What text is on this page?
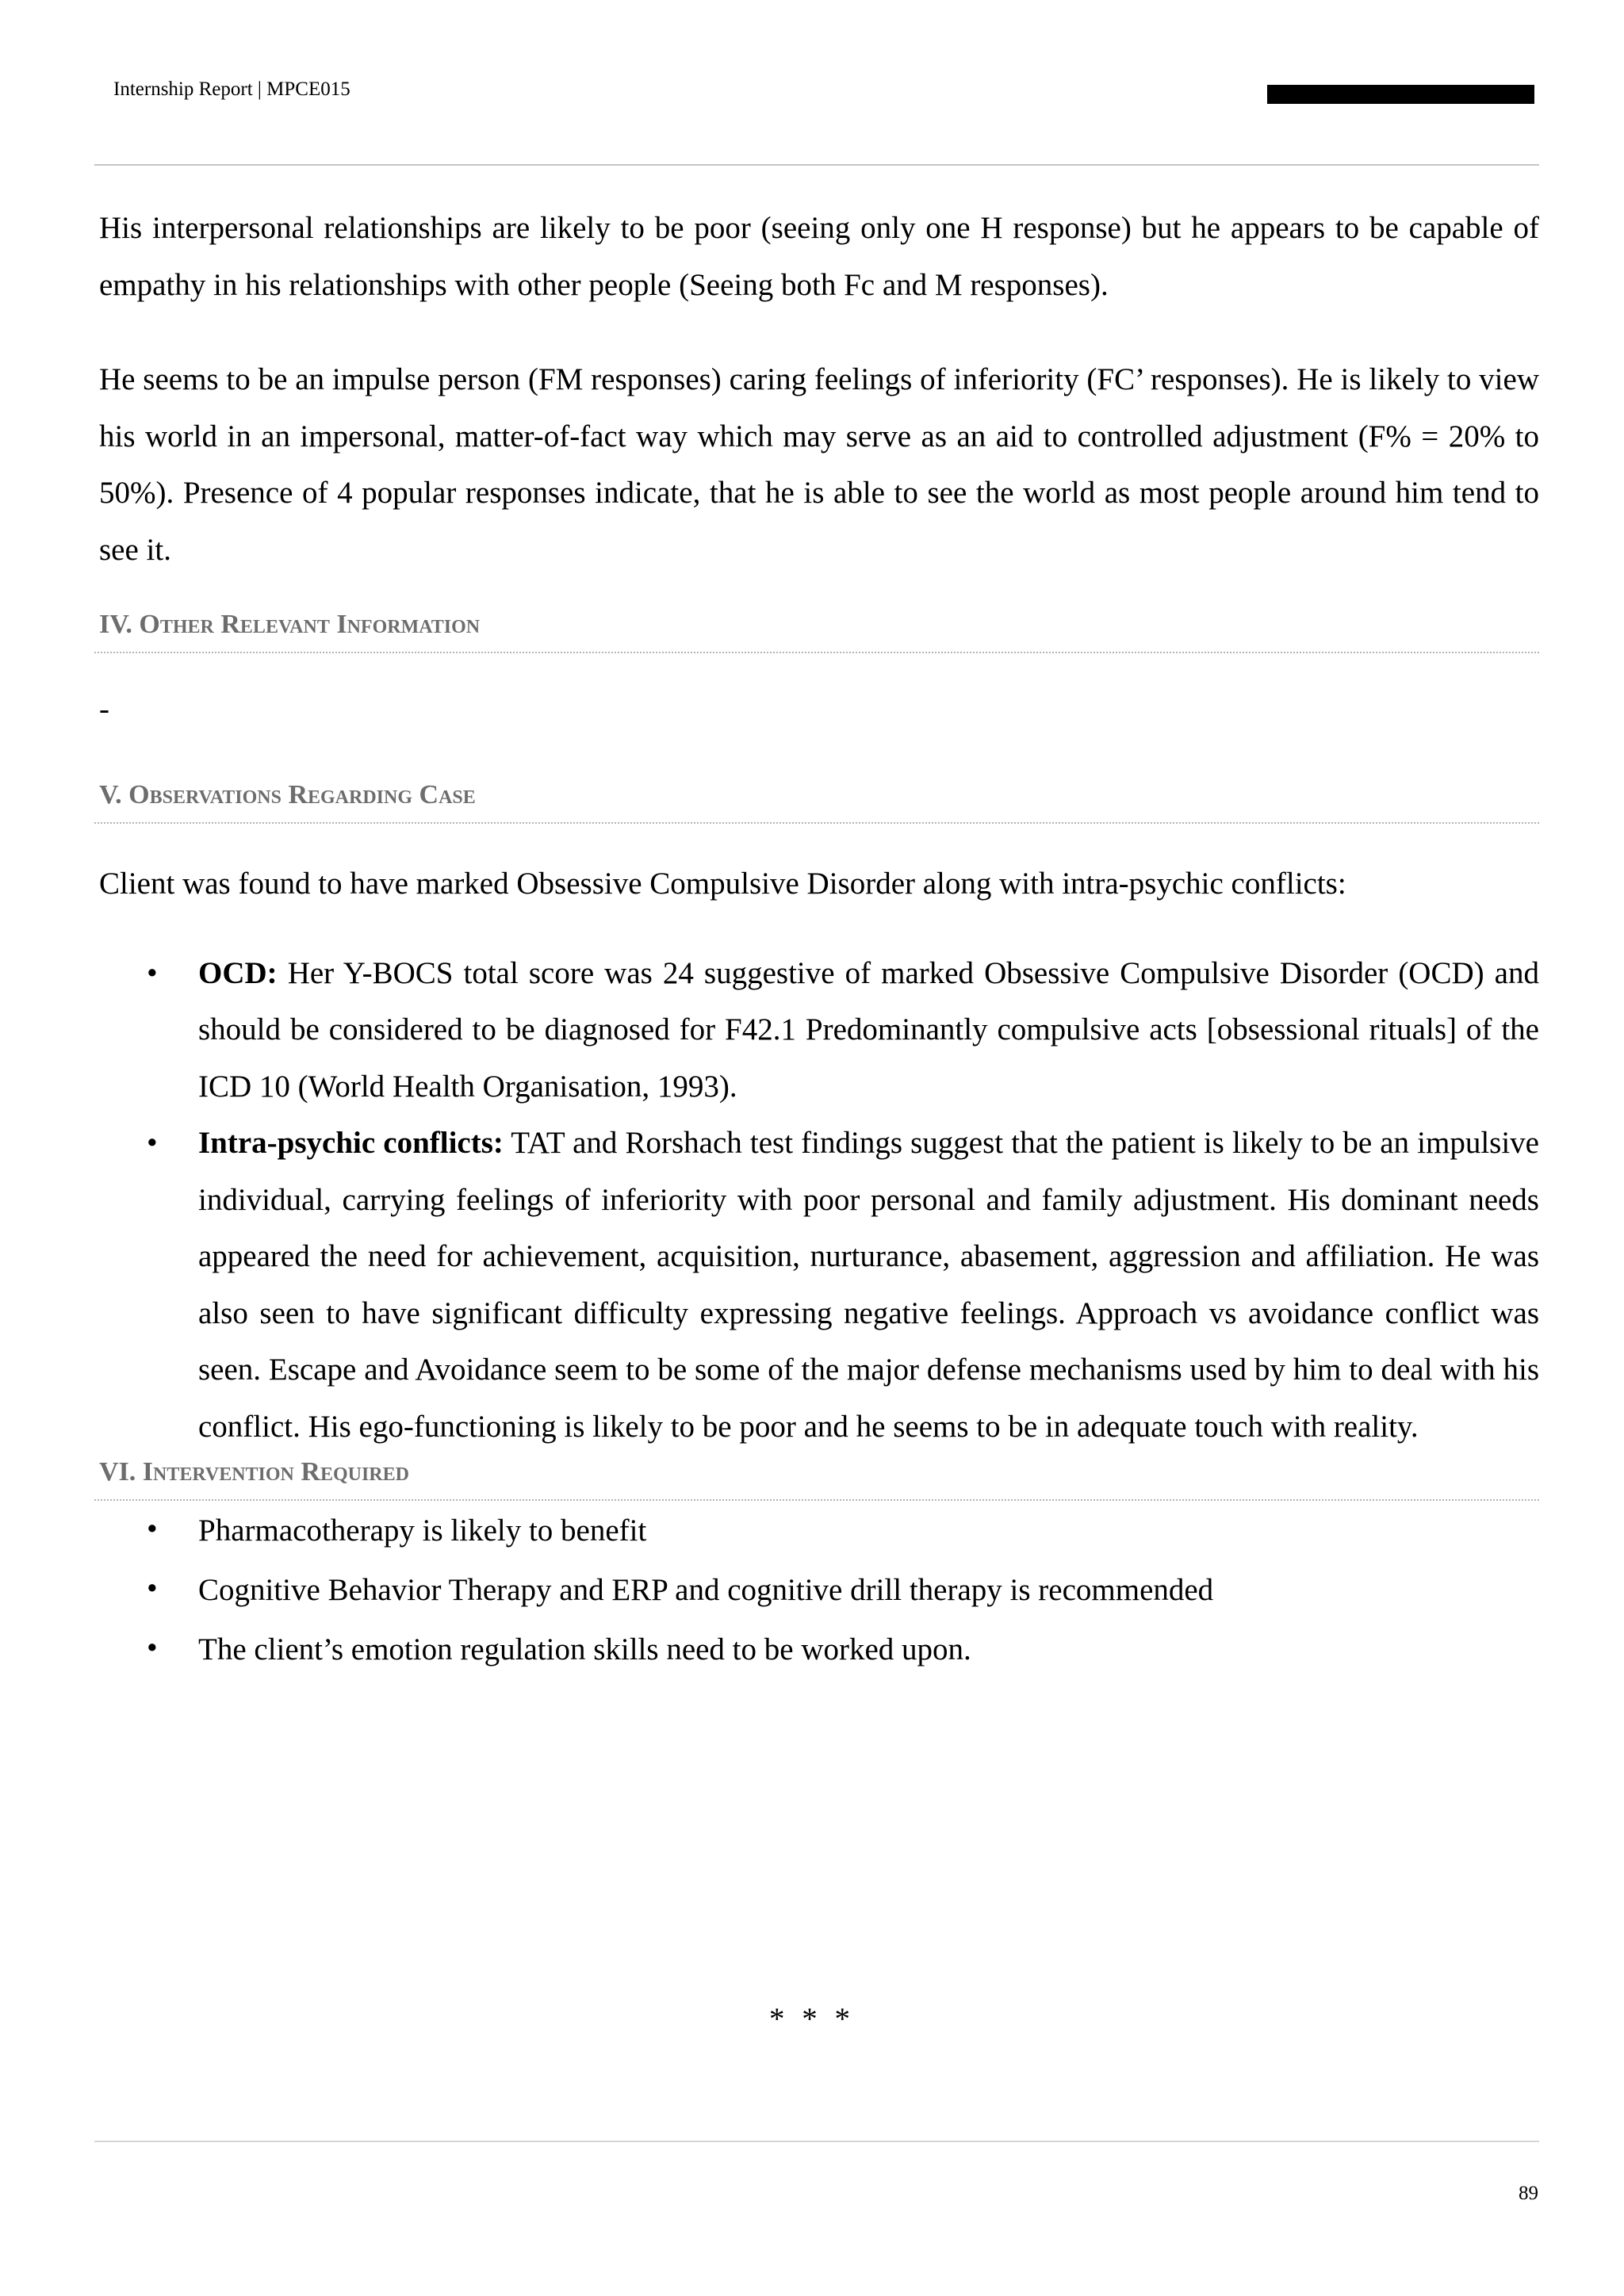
Internship Report | MPCE015

His interpersonal relationships are likely to be poor (seeing only one H response) but he appears to be capable of empathy in his relationships with other people (Seeing both Fc and M responses).

He seems to be an impulse person (FM responses) caring feelings of inferiority (FC’ responses). He is likely to view his world in an impersonal, matter-of-fact way which may serve as an aid to controlled adjustment (F% = 20% to 50%). Presence of 4 popular responses indicate, that he is able to see the world as most people around him tend to see it.

IV. Other Relevant Information
-
V. Observations Regarding Case

Client was found to have marked Obsessive Compulsive Disorder along with intra-psychic conflicts:

• OCD: Her Y-BOCS total score was 24 suggestive of marked Obsessive Compulsive Disorder (OCD) and should be considered to be diagnosed for F42.1 Predominantly compulsive acts [obsessional rituals] of the ICD 10 (World Health Organisation, 1993).
• Intra-psychic conflicts: TAT and Rorshach test findings suggest that the patient is likely to be an impulsive individual, carrying feelings of inferiority with poor personal and family adjustment. His dominant needs appeared the need for achievement, acquisition, nurturance, abasement, aggression and affiliation. He was also seen to have significant difficulty expressing negative feelings. Approach vs avoidance conflict was seen. Escape and Avoidance seem to be some of the major defense mechanisms used by him to deal with his conflict. His ego-functioning is likely to be poor and he seems to be in adequate touch with reality.
VI. Intervention Required
• Pharmacotherapy is likely to benefit
• Cognitive Behavior Therapy and ERP and cognitive drill therapy is recommended
• The client’s emotion regulation skills need to be worked upon.
* * *
89
